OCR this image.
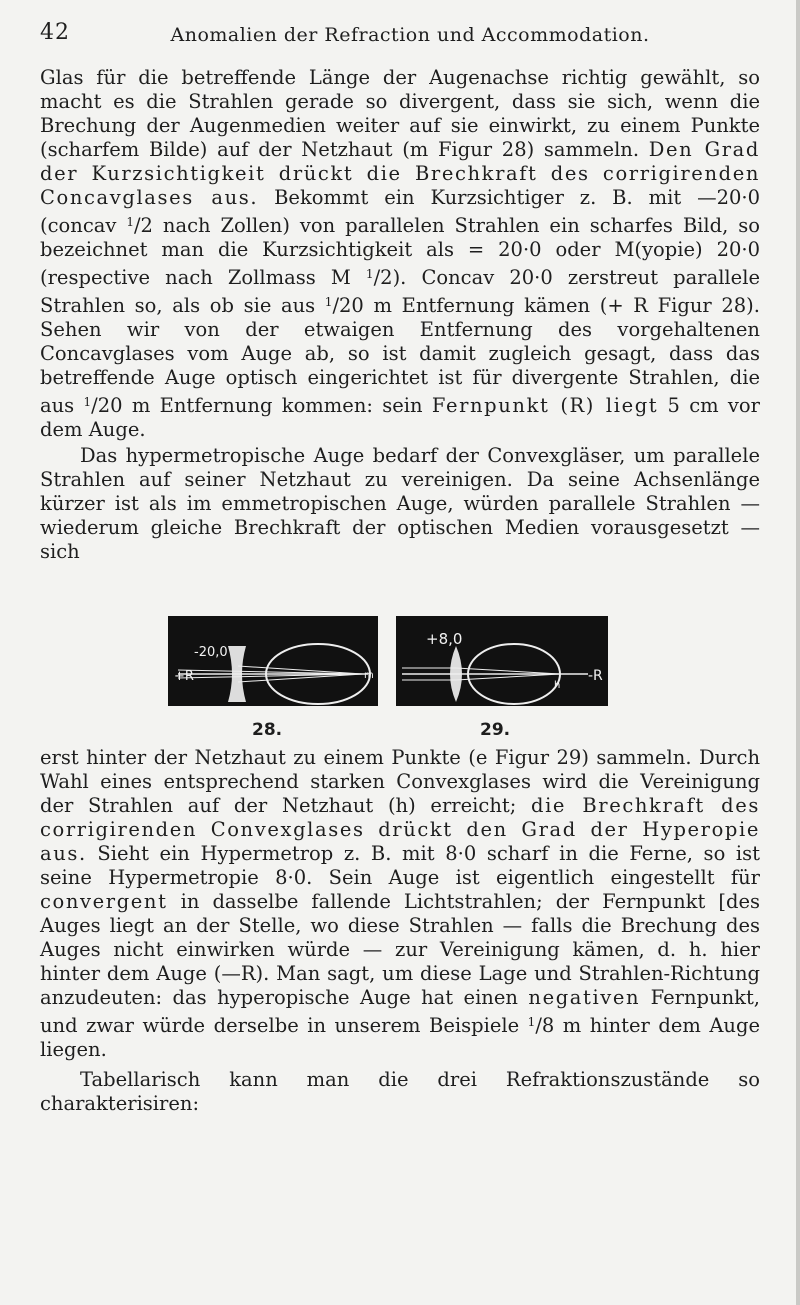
42	Anomalien der Refraction und Accommodation.

Glas für die betreffende Länge der Augenachse richtig gewählt, so macht es die Strahlen gerade so divergent, dass sie sich, wenn die Brechung der Augenmedien weiter auf sie einwirkt, zu einem Punkte (scharfem Bilde) auf der Netzhaut (m Figur 28) sammeln. Den Grad der Kurzsichtigkeit drückt die Brechkraft des corrigirenden Concavglases aus. Bekommt ein Kurzsichtiger z. B. mit —20·0 (concav $^1$/2 nach Zollen) von parallelen Strahlen ein scharfes Bild, so bezeichnet man die Kurzsichtigkeit als = 20·0 oder M(yopie) 20·0 (respective nach Zollmass M $^1$/2). Concav 20·0 zerstreut parallele Strahlen so, als ob sie aus $^1$/20 m Entfernung kämen (+ R Figur 28). Sehen wir von der etwaigen Entfernung des vorgehaltenen Concavglases vom Auge ab, so ist damit zugleich gesagt, dass das betreffende Auge optisch eingerichtet ist für divergente Strahlen, die aus $^1$/20 m Entfernung kommen: sein Fernpunkt (R) liegt 5 cm vor dem Auge.

Das hypermetropische Auge bedarf der Convexgläser, um parallele Strahlen auf seiner Netzhaut zu vereinigen. Da seine Achsenlänge kürzer ist als im emmetropischen Auge, würden parallele Strahlen — wiederum gleiche Brechkraft der optischen Medien vorausgesetzt — sich

-20,0
+R	m
28.
+8,0
-R
h
29.

erst hinter der Netzhaut zu einem Punkte (e Figur 29) sammeln. Durch Wahl eines entsprechend starken Convexglases wird die Vereinigung der Strahlen auf der Netzhaut (h) erreicht; die Brechkraft des corrigirenden Convexglases drückt den Grad der Hyperopie aus. Sieht ein Hypermetrop z. B. mit 8·0 scharf in die Ferne, so ist seine Hypermetropie 8·0. Sein Auge ist eigentlich eingestellt für convergent in dasselbe fallende Lichtstrahlen; der Fernpunkt [des Auges liegt an der Stelle, wo diese Strahlen — falls die Brechung des Auges nicht einwirken würde — zur Vereinigung kämen, d. h. hier hinter dem Auge (—R). Man sagt, um diese Lage und Strahlen-Richtung anzudeuten: das hyperopische Auge hat einen negativen Fernpunkt, und zwar würde derselbe in unserem Beispiele $^1$/8 m hinter dem Auge liegen.

Tabellarisch kann man die drei Refraktionszustände so charakterisiren:
